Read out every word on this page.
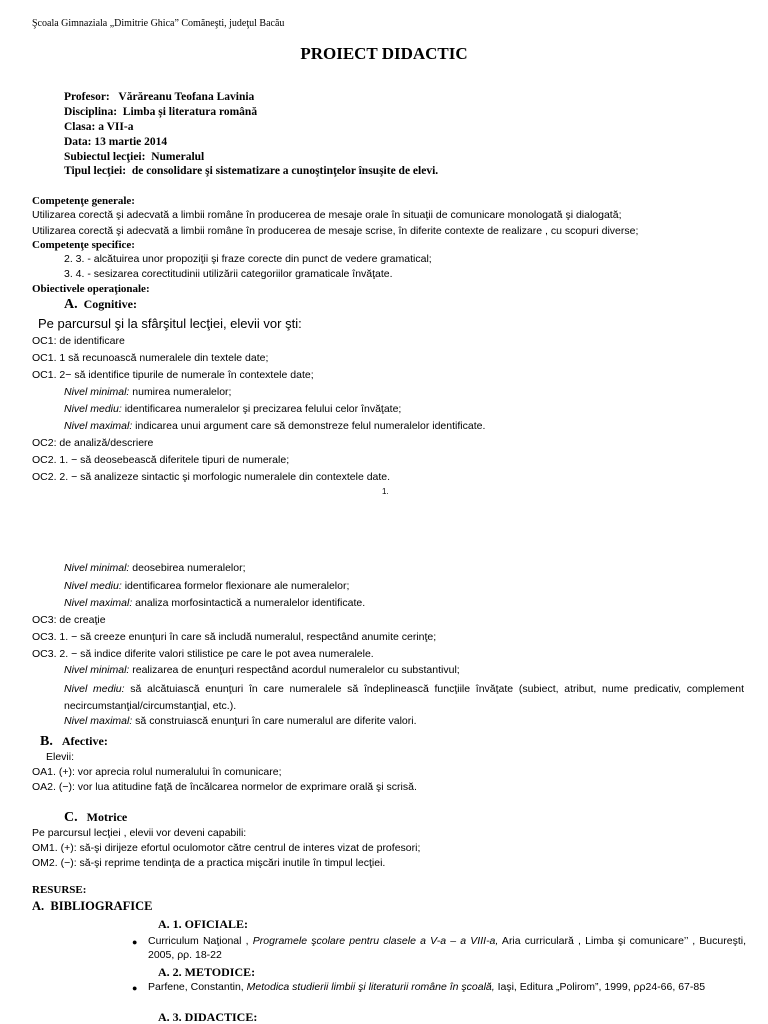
Şcoala Gimnaziala „Dimitrie Ghica” Comăneşti, judeţul Bacău
PROIECT DIDACTIC
Profesor: Vărăreanu Teofana Lavinia
Disciplina: Limba și literatura română
Clasa: a VII-a
Data: 13 martie 2014
Subiectul lecţiei: Numeralul
Tipul lecţiei: de consolidare şi sistematizare a cunoştinţelor însuşite de elevi.
Competenţe generale:
Utilizarea corectă şi adecvată a limbii române în producerea de mesaje orale în situaţii de comunicare monologată şi dialogată;
Utilizarea corectă şi adecvată a limbii române în producerea de mesaje scrise, în diferite contexte de realizare , cu scopuri diverse;
Competenţe specifice:
2. 3. - alcătuirea unor propoziţii şi fraze corecte din punct de vedere gramatical;
3. 4. - sesizarea corectitudinii utilizării categoriilor gramaticale învăţate.
Obiectivele operaţionale:
A. Cognitive:
Pe parcursul şi la sfârşitul lecţiei, elevii vor şti:
OC1: de identificare
OC1. 1 să recunoască numeralele din textele date;
OC1. 2− să identifice tipurile de numerale în contextele date;
Nivel minimal: numirea numeralelor;
Nivel mediu: identificarea numeralelor şi precizarea felului celor învăţate;
Nivel maximal: indicarea unui argument care să demonstreze felul numeralelor identificate.
OC2: de analiză/descriere
OC2. 1. − să deosebească diferitele tipuri de numerale;
OC2. 2. − să analizeze sintactic şi morfologic numeralele din contextele date.
1.
Nivel minimal: deosebirea numeralelor;
Nivel mediu: identificarea formelor flexionare ale numeralelor;
Nivel maximal: analiza morfosintactică a numeralelor identificate.
OC3: de creaţie
OC3. 1. − să creeze enunţuri în care să includă numeralul, respectând anumite cerinţe;
OC3. 2. − să indice diferite valori stilistice pe care le pot avea numeralele.
Nivel minimal: realizarea de enunţuri respectând acordul numeralelor cu substantivul;
Nivel mediu: să alcătuiască enunţuri în care numeralele să îndeplinească funcţiile învăţate (subiect, atribut, nume predicativ, complement necircumstanţial/circumstanţial, etc.).
Nivel maximal: să construiască enunţuri în care numeralul are diferite valori.
B. Afective:
Elevii:
OA1. (+): vor aprecia rolul numeralului în comunicare;
OA2. (−): vor lua atitudine faţă de încălcarea normelor de exprimare orală şi scrisă.
C. Motrice
Pe parcursul lecţiei , elevii vor deveni capabili:
OM1. (+): să-şi dirijeze efortul oculomotor către centrul de interes vizat de profesori;
OM2. (−): să-şi reprime tendinţa de a practica mişcări inutile în timpul lecţiei.
RESURSE:
A. BIBLIOGRAFICE
A. 1. OFICIALE:
● Curriculum Naţional , Programele şcolare pentru clasele a V-a – a VIII-a, Aria curriculară , Limba şi comunicare’’ , Bucureşti, 2005, ρρ. 18-22
A. 2. METODICE:
● Parfene, Constantin, Metodica studierii limbii şi literaturii române în şcoală, Iaşi, Editura „Polirom”, 1999, ρρ24-66, 67-85
A. 3. DIDACTICE:
